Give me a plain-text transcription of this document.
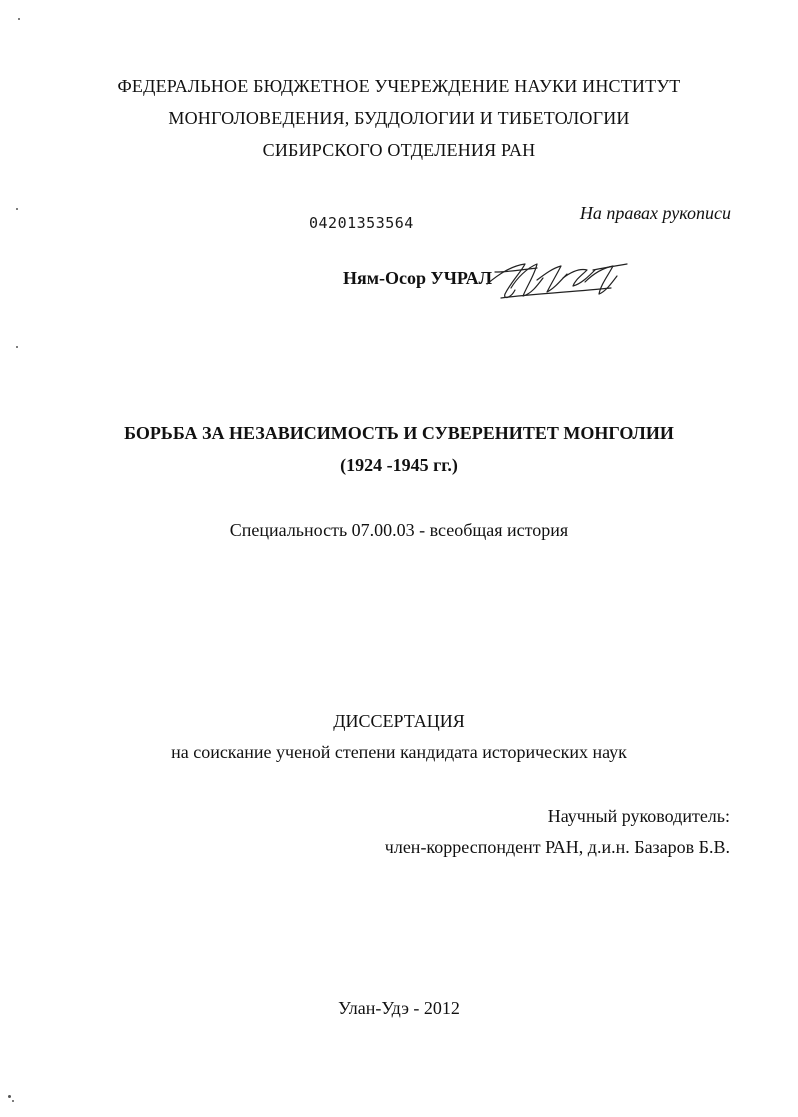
ФЕДЕРАЛЬНОЕ БЮДЖЕТНОЕ УЧЕРЕЖДЕНИЕ НАУКИ ИНСТИТУТ
МОНГОЛОВЕДЕНИЯ, БУДДОЛОГИИ И ТИБЕТОЛОГИИ
СИБИРСКОГО ОТДЕЛЕНИЯ РАН
04201353564	На правах рукописи
Ням-Осор УЧРАЛ
БОРЬБА ЗА НЕЗАВИСИМОСТЬ И СУВЕРЕНИТЕТ МОНГОЛИИ
(1924 -1945 гг.)
Специальность 07.00.03 - всеобщая история
ДИССЕРТАЦИЯ
на соискание ученой степени кандидата исторических наук
Научный руководитель:
член-корреспондент РАН, д.и.н. Базаров Б.В.
Улан-Удэ - 2012
